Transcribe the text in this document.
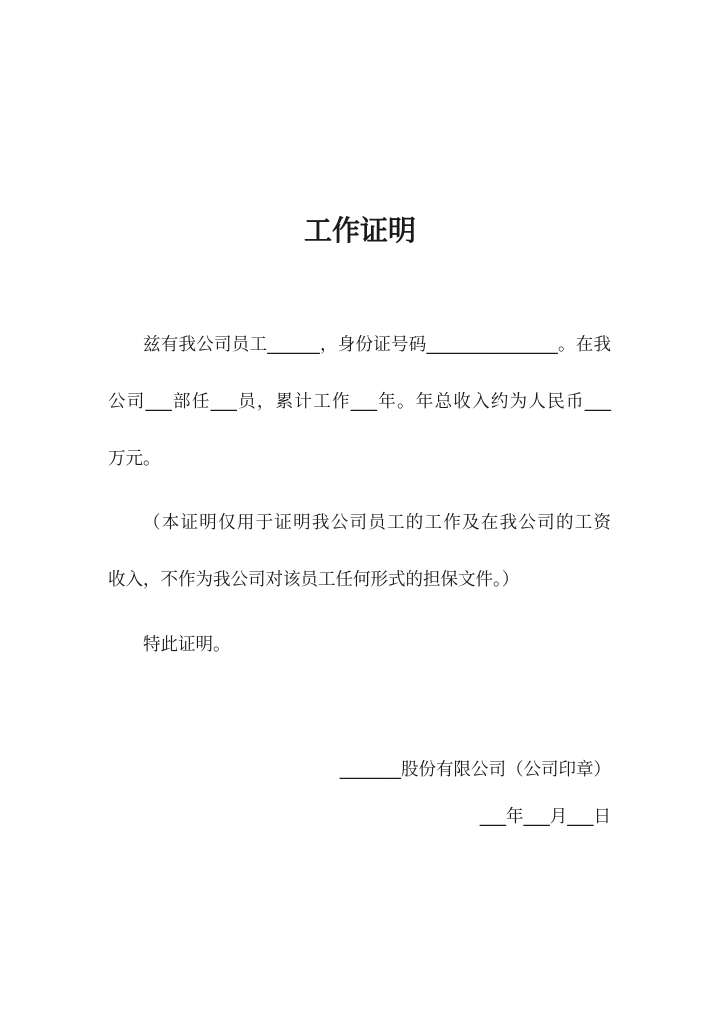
工作证明
兹有我公司员工______，身份证号码_______________。在我
公司___部任___员，累计工作___年。年总收入约为人民币___
万元。
（本证明仅用于证明我公司员工的工作及在我公司的工资
收入，不作为我公司对该员工任何形式的担保文件。）
特此证明。
_______股份有限公司（公司印章）
___年___月___日
